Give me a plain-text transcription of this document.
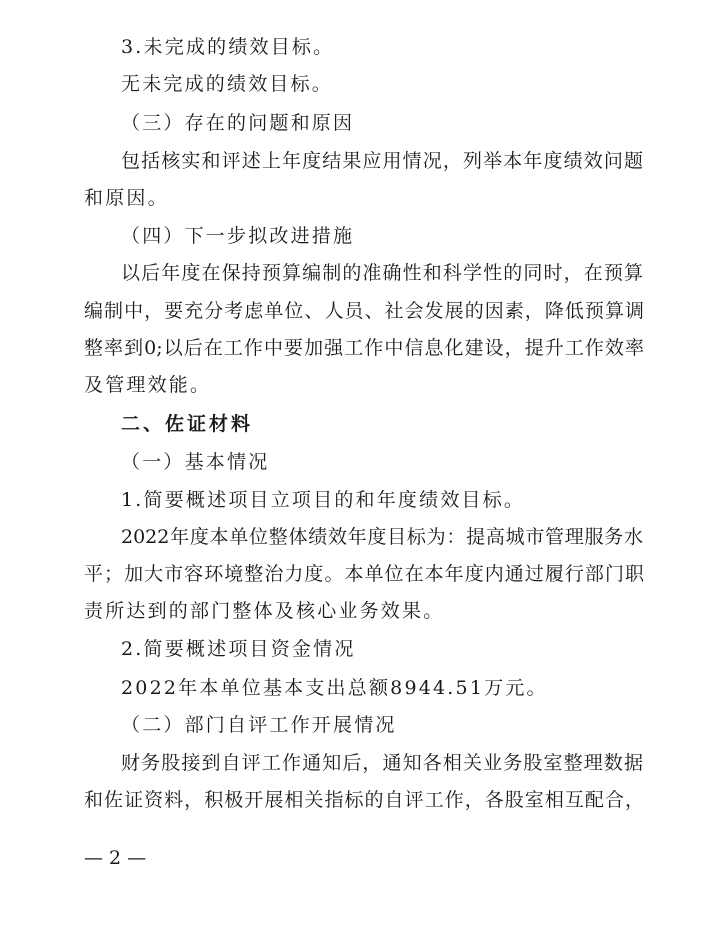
3.未完成的绩效目标。
无未完成的绩效目标。
（三）存在的问题和原因
包括核实和评述上年度结果应用情况，列举本年度绩效问题
和原因。
（四）下一步拟改进措施
以后年度在保持预算编制的准确性和科学性的同时，在预算
编制中，要充分考虑单位、人员、社会发展的因素，降低预算调
整率到0;以后在工作中要加强工作中信息化建设，提升工作效率
及管理效能。
二、佐证材料
（一）基本情况
1.简要概述项目立项目的和年度绩效目标。
2022年度本单位整体绩效年度目标为：提高城市管理服务水
平；加大市容环境整治力度。本单位在本年度内通过履行部门职
责所达到的部门整体及核心业务效果。
2.简要概述项目资金情况
2022年本单位基本支出总额8944.51万元。
（二）部门自评工作开展情况
财务股接到自评工作通知后，通知各相关业务股室整理数据
和佐证资料，积极开展相关指标的自评工作，各股室相互配合，
— 2 —
